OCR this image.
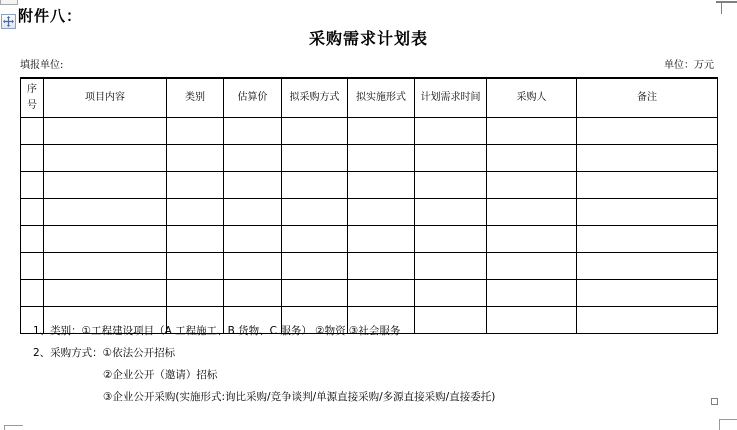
附件八：
采购需求计划表
填报单位:	单位：万元
序号	项目内容	类别	估算价	拟采购方式	拟实施形式	计划需求时间	采购人	备注

1、类别：①工程建设项目（A 工程施工、B 货物、C 服务） ②物资 ③社会服务
2、采购方式：①依法公开招标
②企业公开（邀请）招标
③企业公开采购(实施形式:询比采购/竞争谈判/单源直接采购/多源直接采购/直接委托)
